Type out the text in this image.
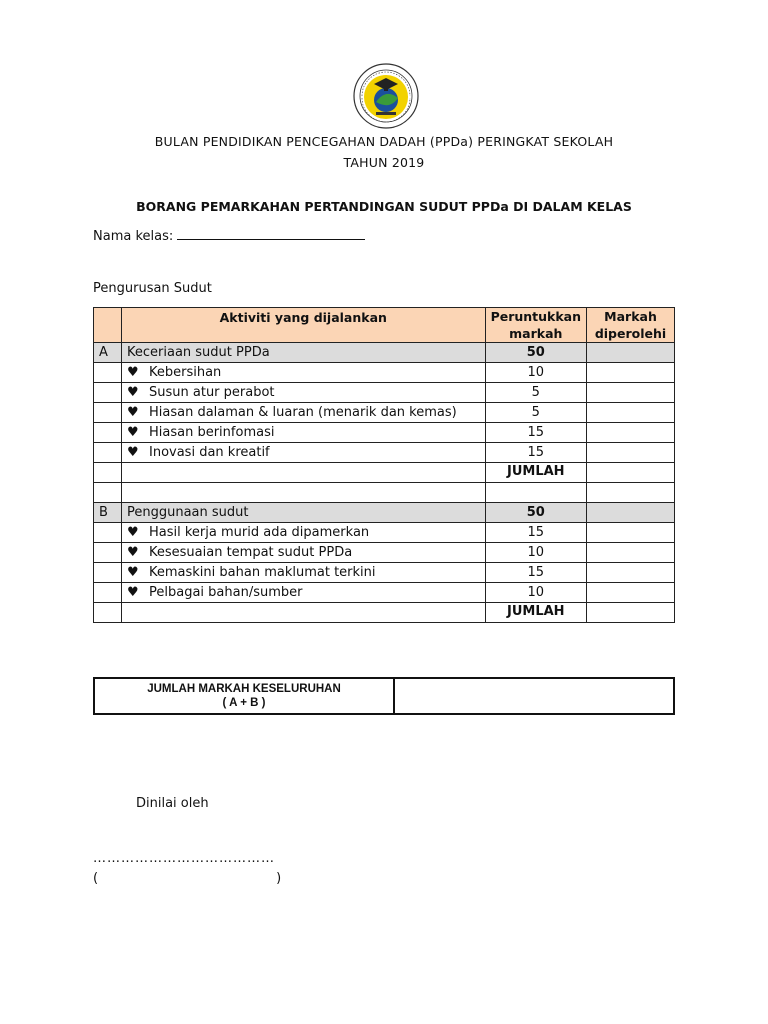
BULAN PENDIDIKAN PENCEGAHAN DADAH (PPDa) PERINGKAT SEKOLAH
TAHUN 2019
BORANG PEMARKAHAN PERTANDINGAN SUDUT PPDa DI DALAM KELAS
Nama kelas:
Pengurusan Sudut
	Aktiviti yang dijalankan	Peruntukkan markah	Markah diperolehi
A	Keceriaan sudut PPDa	50	
	♥ Kebersihan	10	
	♥ Susun atur perabot	5	
	♥ Hiasan dalaman & luaran (menarik dan kemas)	5	
	♥ Hiasan berinfomasi	15	
	♥ Inovasi dan kreatif	15	
		JUMLAH	

B	Penggunaan sudut	50	
	♥ Hasil kerja murid ada dipamerkan	15	
	♥ Kesesuaian tempat sudut PPDa	10	
	♥ Kemaskini bahan maklumat terkini	15	
	♥ Pelbagai bahan/sumber	10	
		JUMLAH	
JUMLAH MARKAH KESELURUHAN
( A + B )

Dinilai oleh
…………………………………
(	)
